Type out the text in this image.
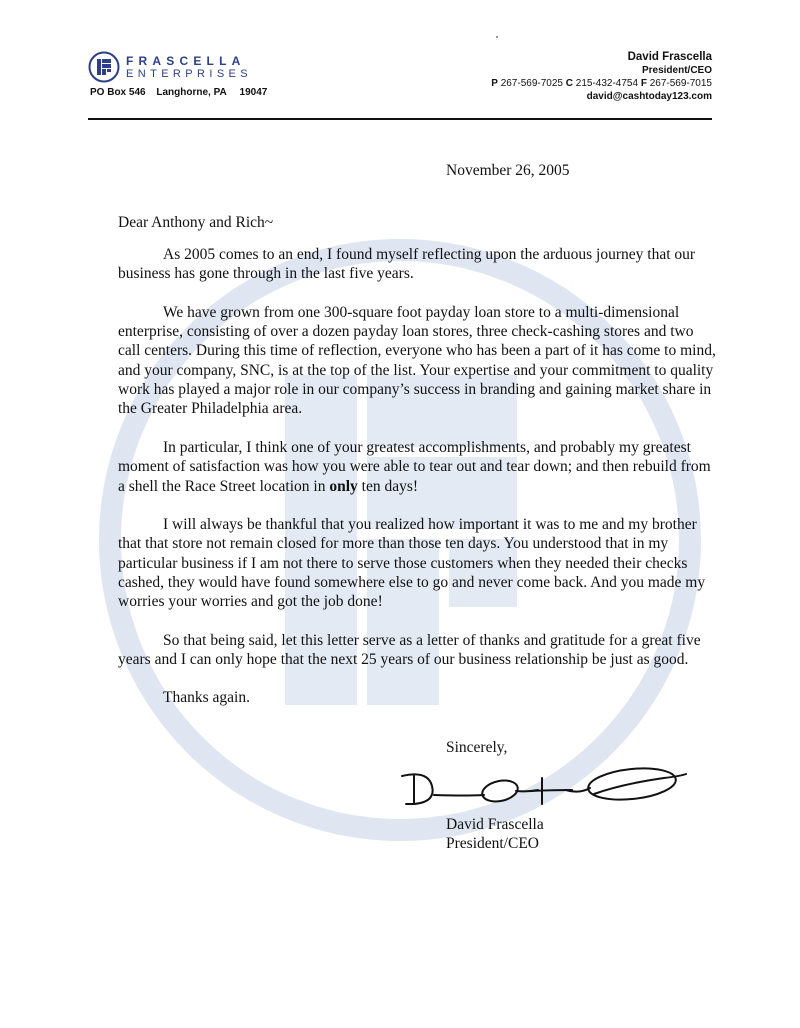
FRASCELLA
ENTERPRISES
PO Box 546 Langhorne, PA 19047
David Frascella
President/CEO
P 267-569-7025 C 215-432-4754 F 267-569-7015
david@cashtoday123.com
November 26, 2005
Dear Anthony and Rich~

As 2005 comes to an end, I found myself reflecting upon the arduous journey that our business has gone through in the last five years.

We have grown from one 300-square foot payday loan store to a multi-dimensional enterprise, consisting of over a dozen payday loan stores, three check-cashing stores and two call centers. During this time of reflection, everyone who has been a part of it has come to mind, and your company, SNC, is at the top of the list. Your expertise and your commitment to quality work has played a major role in our company’s success in branding and gaining market share in the Greater Philadelphia area.

In particular, I think one of your greatest accomplishments, and probably my greatest moment of satisfaction was how you were able to tear out and tear down; and then rebuild from a shell the Race Street location in only ten days!

I will always be thankful that you realized how important it was to me and my brother that that store not remain closed for more than those ten days. You understood that in my particular business if I am not there to serve those customers when they needed their checks cashed, they would have found somewhere else to go and never come back. And you made my worries your worries and got the job done!

So that being said, let this letter serve as a letter of thanks and gratitude for a great five years and I can only hope that the next 25 years of our business relationship be just as good.

Thanks again.
Sincerely,
David Frascella
President/CEO
